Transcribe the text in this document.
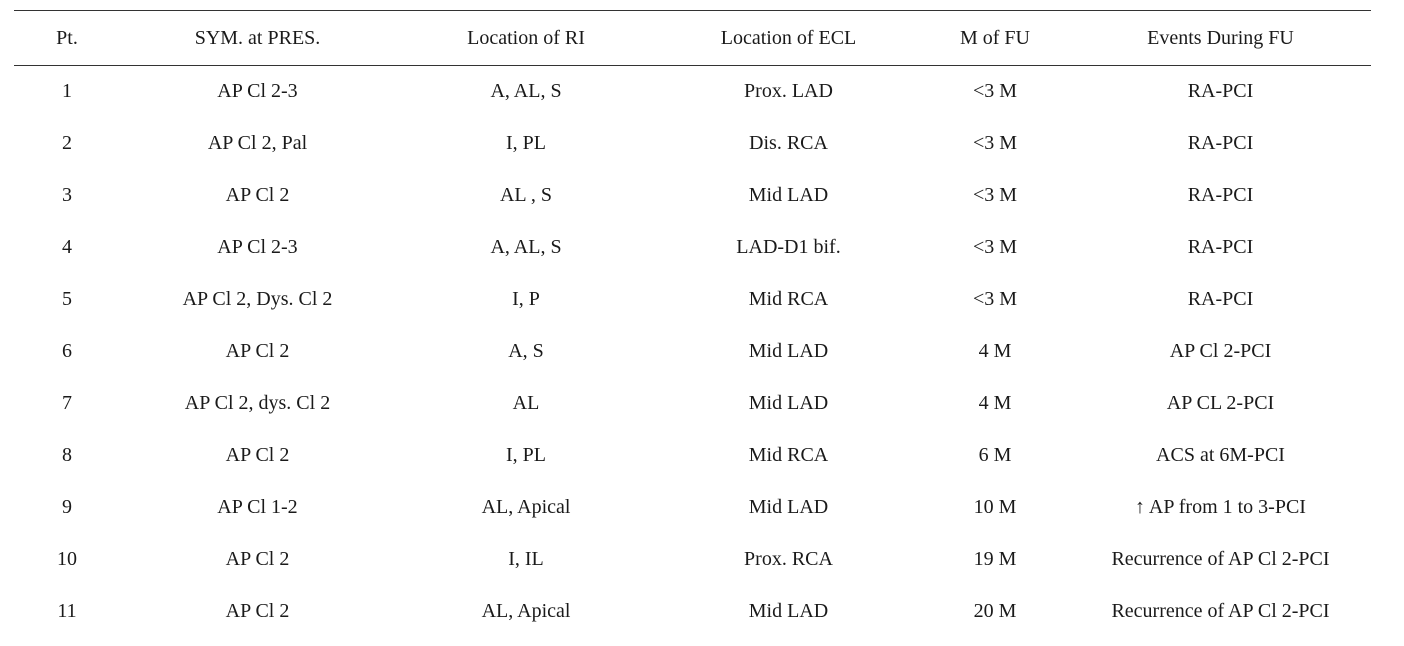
Pt.	SYM. at PRES.	Location of RI	Location of ECL	M of FU	Events During FU
1	AP Cl 2-3	A, AL, S	Prox. LAD	<3 M	RA-PCI
2	AP Cl 2, Pal	I, PL	Dis. RCA	<3 M	RA-PCI
3	AP Cl 2	AL , S	Mid LAD	<3 M	RA-PCI
4	AP Cl 2-3	A, AL, S	LAD-D1 bif.	<3 M	RA-PCI
5	AP Cl 2, Dys. Cl 2	I, P	Mid RCA	<3 M	RA-PCI
6	AP Cl 2	A, S	Mid LAD	4 M	AP Cl 2-PCI
7	AP Cl 2, dys. Cl 2	AL	Mid LAD	4 M	AP CL 2-PCI
8	AP Cl 2	I, PL	Mid RCA	6 M	ACS at 6M-PCI
9	AP Cl 1-2	AL, Apical	Mid LAD	10 M	↑ AP from 1 to 3-PCI
10	AP Cl 2	I, IL	Prox. RCA	19 M	Recurrence of AP Cl 2-PCI
11	AP Cl 2	AL, Apical	Mid LAD	20 M	Recurrence of AP Cl 2-PCI
